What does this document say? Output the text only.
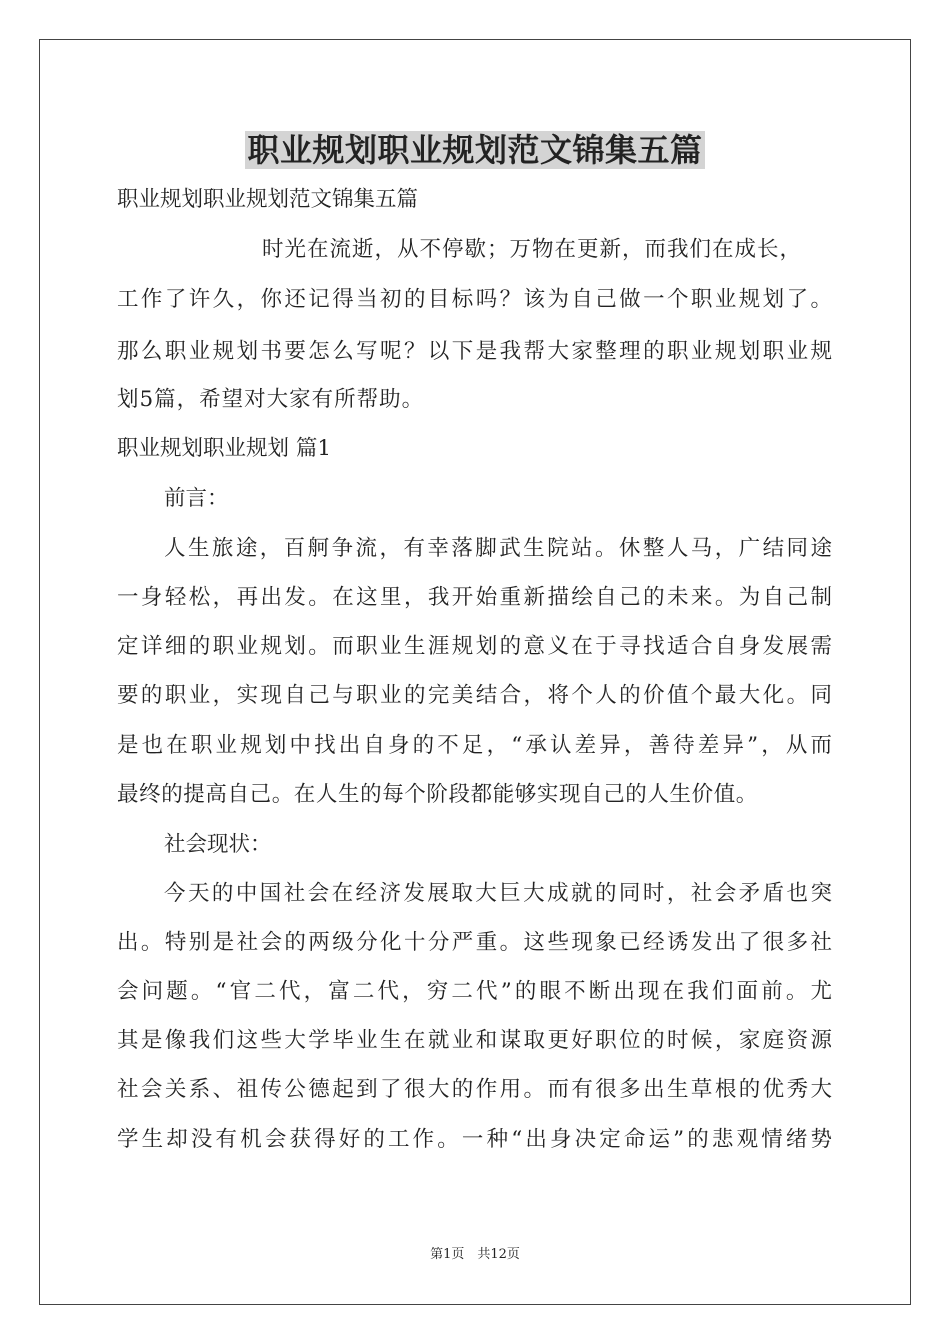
职业规划职业规划范文锦集五篇

职业规划职业规划范文锦集五篇

时光在流逝，从不停歇；万物在更新，而我们在成长，

工作了许久，你还记得当初的目标吗？该为自己做一个职业规划了。

那么职业规划书要怎么写呢？以下是我帮大家整理的职业规划职业规

划5篇，希望对大家有所帮助。

职业规划职业规划 篇1

前言：

人生旅途，百舸争流，有幸落脚武生院站。休整人马，广结同途

一身轻松，再出发。在这里，我开始重新描绘自己的未来。为自己制

定详细的职业规划。而职业生涯规划的意义在于寻找适合自身发展需

要的职业，实现自己与职业的完美结合，将个人的价值个最大化。同

是也在职业规划中找出自身的不足，“承认差异，善待差异”，从而

最终的提高自己。在人生的每个阶段都能够实现自己的人生价值。

社会现状：

今天的中国社会在经济发展取大巨大成就的同时，社会矛盾也突

出。特别是社会的两级分化十分严重。这些现象已经诱发出了很多社

会问题。“官二代，富二代，穷二代”的眼不断出现在我们面前。尤

其是像我们这些大学毕业生在就业和谋取更好职位的时候，家庭资源

社会关系、祖传公德起到了很大的作用。而有很多出生草根的优秀大

学生却没有机会获得好的工作。一种“出身决定命运”的悲观情绪势

第1页　共12页
